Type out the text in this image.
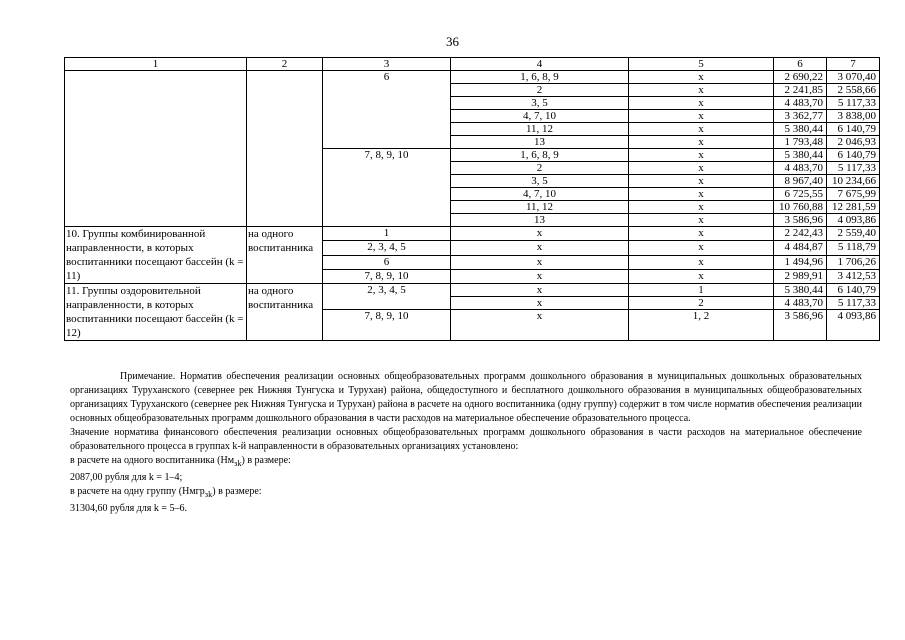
36
1	2	3	4	5	6	7
		6	1, 6, 8, 9	x	2 690,22	3 070,40
			2	x	2 241,85	2 558,66
			3, 5	x	4 483,70	5 117,33
			4, 7, 10	x	3 362,77	3 838,00
			11, 12	x	5 380,44	6 140,79
			13	x	1 793,48	2 046,93
		7, 8, 9, 10	1, 6, 8, 9	x	5 380,44	6 140,79
			2	x	4 483,70	5 117,33
			3, 5	x	8 967,40	10 234,66
			4, 7, 10	x	6 725,55	7 675,99
			11, 12	x	10 760,88	12 281,59
			13	x	3 586,96	4 093,86
10. Группы комбинированной направленности, в которых воспитанники посещают бассейн (k = 11)	на одного воспитанника	1	x	x	2 242,43	2 559,40
		2, 3, 4, 5	x	x	4 484,87	5 118,79
		6	x	x	1 494,96	1 706,26
		7, 8, 9, 10	x	x	2 989,91	3 412,53
11. Группы оздоровительной направленности, в которых воспитанники посещают бассейн (k = 12)	на одного воспитанника	2, 3, 4, 5	x	1	5 380,44	6 140,79
			x	2	4 483,70	5 117,33
		7, 8, 9, 10	x	1, 2	3 586,96	4 093,86

Примечание. Норматив обеспечения реализации основных общеобразовательных программ дошкольного образования в муниципальных дошкольных образовательных организациях Туруханского (севернее рек Нижняя Тунгуска и Турухан) района, общедоступного и бесплатного дошкольного образования в муниципальных общеобразовательных организациях Туруханского (севернее рек Нижняя Тунгуска и Турухан) района в расчете на одного воспитанника (одну группу) содержит в том числе норматив обеспечения реализации основных общеобразовательных программ дошкольного образования в части расходов на материальное обеспечение образовательного процесса.

Значение норматива финансового обеспечения реализации основных общеобразовательных программ дошкольного образования в части расходов на материальное обеспечение образовательного процесса в группах k-й направленности в образовательных организациях установлено:

в расчете на одного воспитанника $(Нм_{зk})$ в размере:

2087,00 рубля для k = 1–4;

в расчете на одну группу (Нмгр$_{зk}$) в размере:

31304,60 рубля для k = 5–6.
